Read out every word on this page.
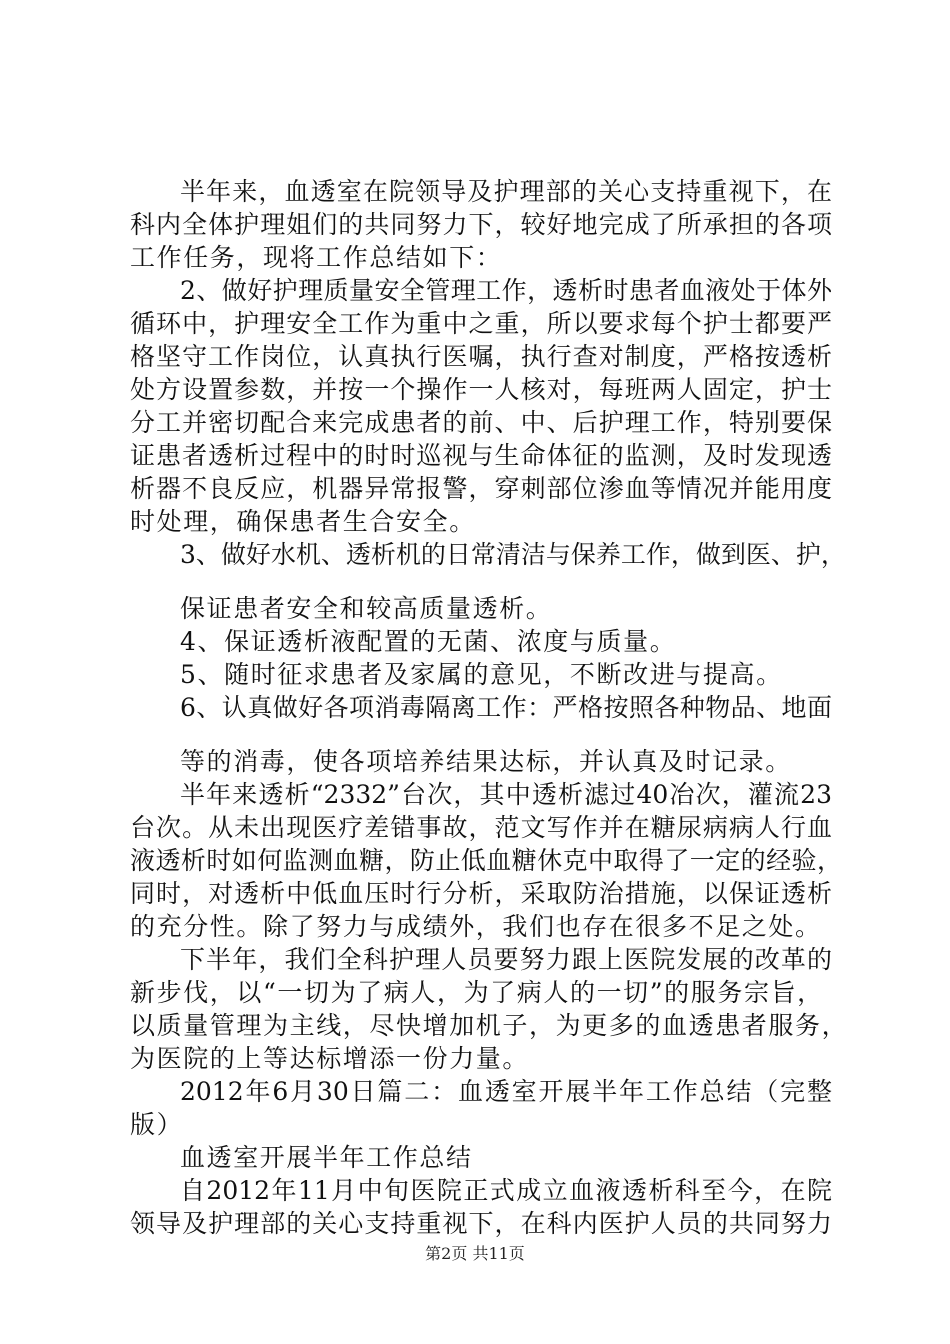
半年来，血透室在院领导及护理部的关心支持重视下，在
科内全体护理姐们的共同努力下，较好地完成了所承担的各项
工作任务，现将工作总结如下：
2、做好护理质量安全管理工作，透析时患者血液处于体外
循环中，护理安全工作为重中之重，所以要求每个护士都要严
格坚守工作岗位，认真执行医嘱，执行查对制度，严格按透析
处方设置参数，并按一个操作一人核对，每班两人固定，护士
分工并密切配合来完成患者的前、中、后护理工作，特别要保
证患者透析过程中的时时巡视与生命体征的监测，及时发现透
析器不良反应，机器异常报警，穿刺部位渗血等情况并能用度
时处理，确保患者生合安全。
3、做好水机、透析机的日常清洁与保养工作，做到医、护，
保证患者安全和较高质量透析。
4、保证透析液配置的无菌、浓度与质量。
5、随时征求患者及家属的意见，不断改进与提高。
6、认真做好各项消毒隔离工作：严格按照各种物品、地面
等的消毒，使各项培养结果达标，并认真及时记录。
半年来透析“2332”台次，其中透析滤过40冶次，灌流23
台次。从未出现医疗差错事故，范文写作并在糖尿病病人行血
液透析时如何监测血糖，防止低血糖休克中取得了一定的经验，
同时，对透析中低血压时行分析，采取防治措施，以保证透析
的充分性。除了努力与成绩外，我们也存在很多不足之处。
下半年，我们全科护理人员要努力跟上医院发展的改革的
新步伐，以“一切为了病人，为了病人的一切”的服务宗旨，
以质量管理为主线，尽快增加机子，为更多的血透患者服务，
为医院的上等达标增添一份力量。
2012年6月30日篇二：血透室开展半年工作总结（完整
版）
血透室开展半年工作总结
自2012年11月中旬医院正式成立血液透析科至今，在院
领导及护理部的关心支持重视下，在科内医护人员的共同努力
第2页 共11页
